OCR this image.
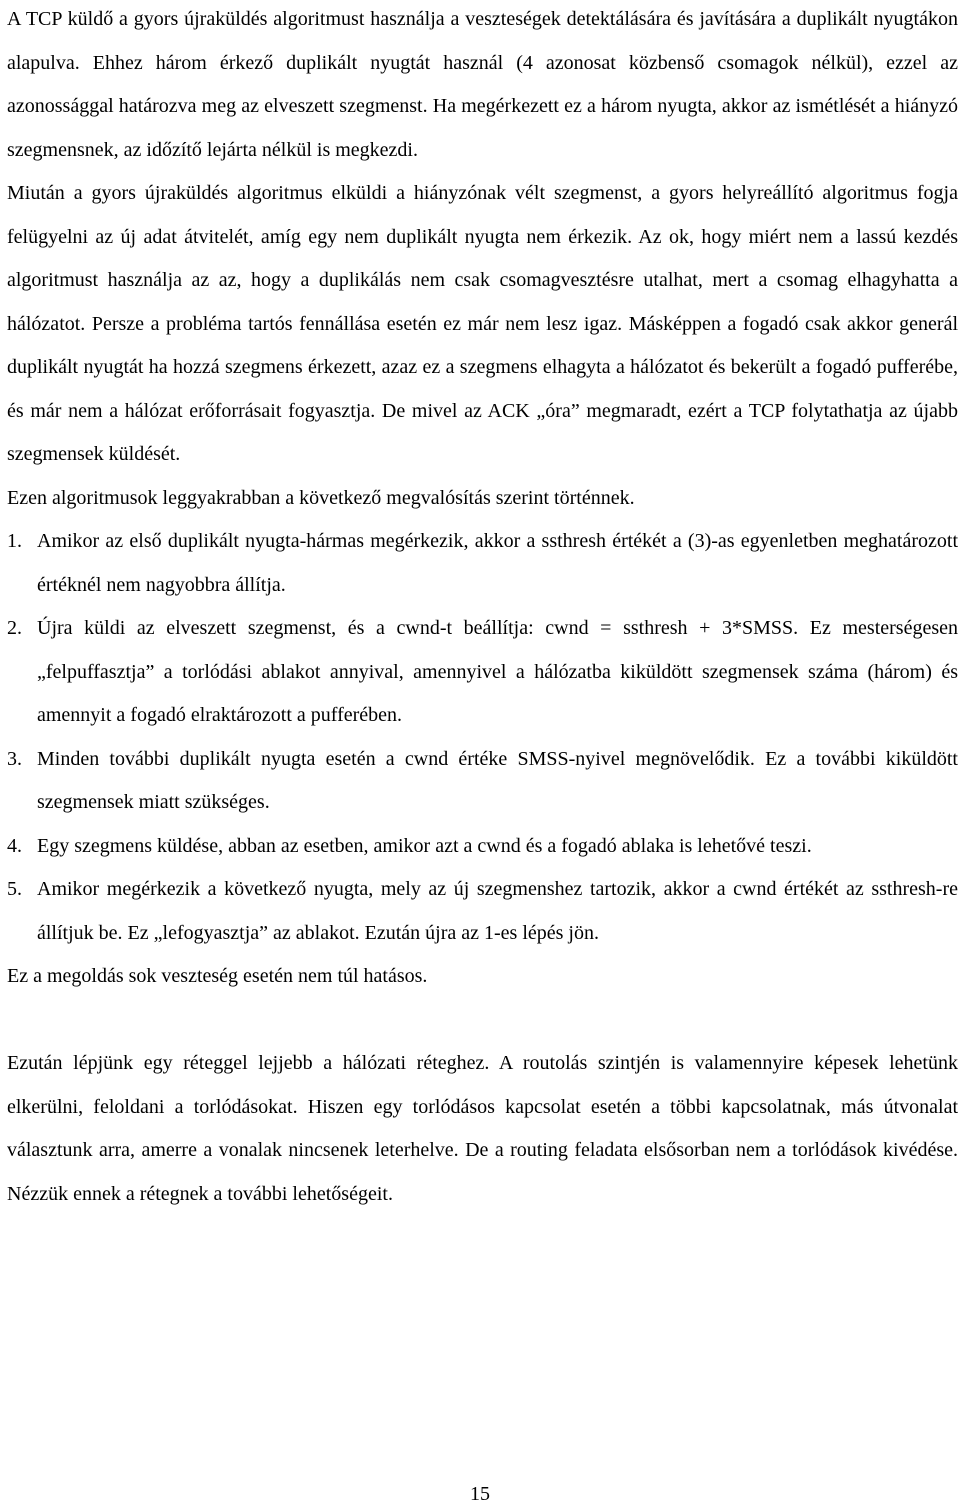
A TCP küldő a gyors újraküldés algoritmust használja a veszteségek detektálására és javítására a duplikált nyugtákon alapulva. Ehhez három érkező duplikált nyugtát használ (4 azonosat közbenső csomagok nélkül), ezzel az azonossággal határozva meg az elveszett szegmenst. Ha megérkezett ez a három nyugta, akkor az ismétlését a hiányzó szegmensnek, az időzítő lejárta nélkül is megkezdi.

Miután a gyors újraküldés algoritmus elküldi a hiányzónak vélt szegmenst, a gyors helyreállító algoritmus fogja felügyelni az új adat átvitelét, amíg egy nem duplikált nyugta nem érkezik. Az ok, hogy miért nem a lassú kezdés algoritmust használja az az, hogy a duplikálás nem csak csomagvesztésre utalhat, mert a csomag elhagyhatta a hálózatot. Persze a probléma tartós fennállása esetén ez már nem lesz igaz. Másképpen a fogadó csak akkor generál duplikált nyugtát ha hozzá szegmens érkezett, azaz ez a szegmens elhagyta a hálózatot és bekerült a fogadó pufferébe, és már nem a hálózat erőforrásait fogyasztja. De mivel az ACK „óra” megmaradt, ezért a TCP folytathatja az újabb szegmensek küldését.

Ezen algoritmusok leggyakrabban a következő megvalósítás szerint történnek.

1. Amikor az első duplikált nyugta-hármas megérkezik, akkor a ssthresh értékét a (3)-as egyenletben meghatározott értéknél nem nagyobbra állítja.
2. Újra küldi az elveszett szegmenst, és a cwnd-t beállítja: cwnd = ssthresh + 3*SMSS. Ez mesterségesen „felpuffasztja” a torlódási ablakot annyival, amennyivel a hálózatba kiküldött szegmensek száma (három) és amennyit a fogadó elraktározott a pufferében.
3. Minden további duplikált nyugta esetén a cwnd értéke SMSS-nyivel megnövelődik. Ez a további kiküldött szegmensek miatt szükséges.
4. Egy szegmens küldése, abban az esetben, amikor azt a cwnd és a fogadó ablaka is lehetővé teszi.
5. Amikor megérkezik a következő nyugta, mely az új szegmenshez tartozik, akkor a cwnd értékét az ssthresh-re állítjuk be. Ez „lefogyasztja” az ablakot. Ezután újra az 1-es lépés jön.

Ez a megoldás sok veszteség esetén nem túl hatásos.

Ezután lépjünk egy réteggel lejjebb a hálózati réteghez. A routolás szintjén is valamennyire képesek lehetünk elkerülni, feloldani a torlódásokat. Hiszen egy torlódásos kapcsolat esetén a többi kapcsolatnak, más útvonalat választunk arra, amerre a vonalak nincsenek leterhelve. De a routing feladata elsősorban nem a torlódások kivédése. Nézzük ennek a rétegnek a további lehetőségeit.

15
